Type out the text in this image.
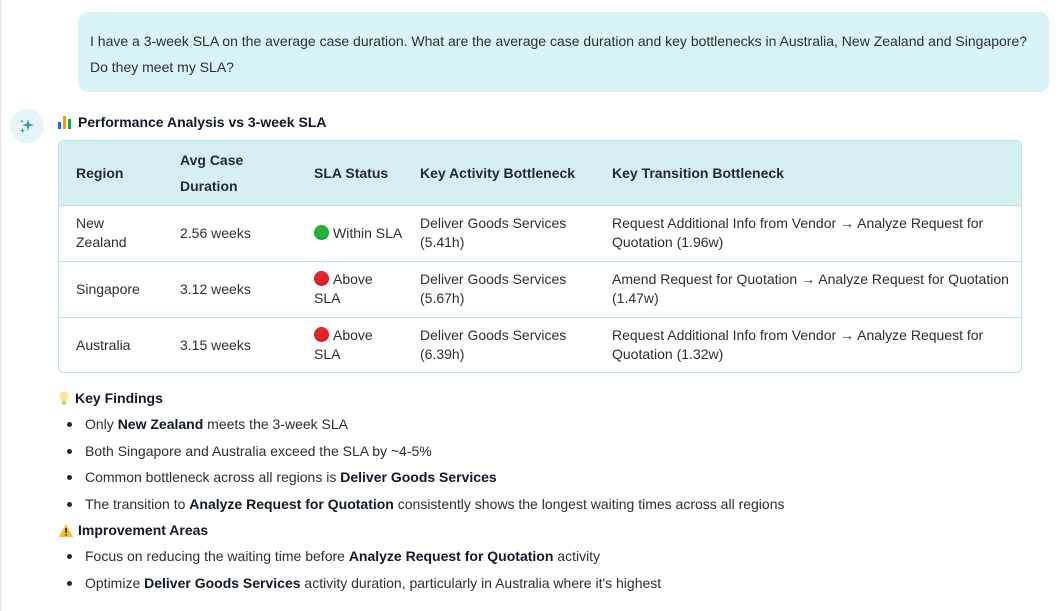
I have a 3-week SLA on the average case duration. What are the average case duration and key bottlenecks in Australia, New Zealand and Singapore? Do they meet my SLA?
Performance Analysis vs 3-week SLA
Region	Avg Case Duration	SLA Status	Key Activity Bottleneck	Key Transition Bottleneck

New Zealand	2.56 weeks	Within SLA	Deliver Goods Services (5.41h)	Request Additional Info from Vendor → Analyze Request for Quotation (1.96w)

Singapore	3.12 weeks	Above SLA	Deliver Goods Services (5.67h)	Amend Request for Quotation → Analyze Request for Quotation (1.47w)

Australia	3.15 weeks	Above SLA	Deliver Goods Services (6.39h)	Request Additional Info from Vendor → Analyze Request for Quotation (1.32w)
Key Findings
Only New Zealand meets the 3-week SLA
Both Singapore and Australia exceed the SLA by ~4-5%
Common bottleneck across all regions is Deliver Goods Services
The transition to Analyze Request for Quotation consistently shows the longest waiting times across all regions
Improvement Areas
Focus on reducing the waiting time before Analyze Request for Quotation activity
Optimize Deliver Goods Services activity duration, particularly in Australia where it's highest
